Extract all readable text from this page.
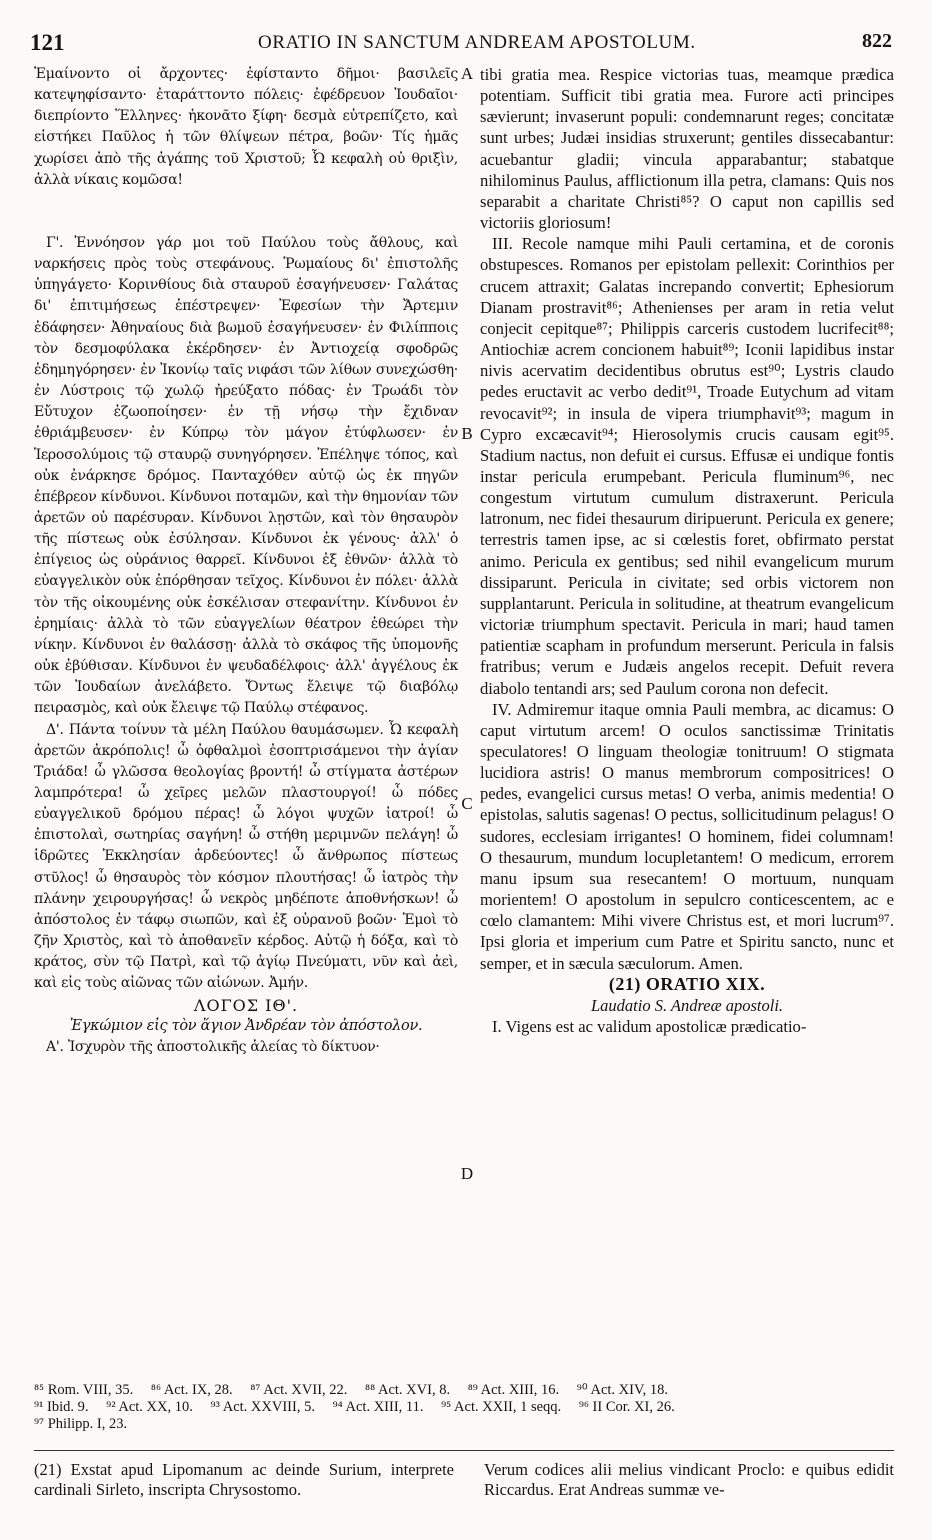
121	ORATIO IN SANCTUM ANDREAM APOSTOLUM.	822

Ἐμαίνοντο οἱ ἄρχοντες· ἐφίσταντο δῆμοι· βασιλεῖς κατεψηφίσαντο· ἐταράττοντο πόλεις· ἐφέδρευον Ἰουδαῖοι· διεπρίοντο Ἕλληνες· ἠκονᾶτο ξίφη· δεσμὰ εὐτρεπίζετο, καὶ εἱστήκει Παῦλος ἡ τῶν θλίψεων πέτρα, βοῶν· Τίς ἡμᾶς χωρίσει ἀπὸ τῆς ἀγάπης τοῦ Χριστοῦ; Ὦ κεφαλὴ οὐ θριξὶν, ἀλλὰ νίκαις κομῶσα!

Γ'. Ἐννόησον γάρ μοι τοῦ Παύλου τοὺς ἄθλους, καὶ ναρκήσεις πρὸς τοὺς στεφάνους. Ῥωμαίους δι' ἐπιστολῆς ὑπηγάγετο· Κορινθίους διὰ σταυροῦ ἐσαγήνευσεν· Γαλάτας δι' ἐπιτιμήσεως ἐπέστρεψεν· Ἐφεσίων τὴν Ἄρτεμιν ἐδάφησεν· Ἀθηναίους διὰ βωμοῦ ἐσαγήνευσεν· ἐν Φιλίπποις τὸν δεσμοφύλακα ἐκέρδησεν· ἐν Ἀντιοχείᾳ σφοδρῶς ἐδημηγόρησεν· ἐν Ἰκονίῳ ταῖς νιφάσι τῶν λίθων συνεχώσθη· ἐν Λύστροις τῷ χωλῷ ἠρεύξατο πόδας· ἐν Τρωάδι τὸν Εὔτυχον ἐζωοποίησεν· ἐν τῇ νήσῳ τὴν ἔχιδναν ἐθριάμβευσεν· ἐν Κύπρῳ τὸν μάγον ἐτύφλωσεν· ἐν Ἱεροσολύμοις τῷ σταυρῷ συνηγόρησεν. Ἐπέληψε τόπος, καὶ οὐκ ἐνάρκησε δρόμος. Πανταχόθεν αὐτῷ ὡς ἐκ πηγῶν ἐπέβρεον κίνδυνοι. Κίνδυνοι ποταμῶν, καὶ τὴν θημονίαν τῶν ἀρετῶν οὐ παρέσυραν. Κίνδυνοι λῃστῶν, καὶ τὸν θησαυρὸν τῆς πίστεως οὐκ ἐσύλησαν. Κίνδυνοι ἐκ γένους· ἀλλ' ὁ ἐπίγειος ὡς οὐράνιος θαρρεῖ. Κίνδυνοι ἐξ ἐθνῶν· ἀλλὰ τὸ εὐαγγελικὸν οὐκ ἐπόρθησαν τεῖχος. Κίνδυνοι ἐν πόλει· ἀλλὰ τὸν τῆς οἰκουμένης οὐκ ἐσκέλισαν στεφανίτην. Κίνδυνοι ἐν ἐρημίαις· ἀλλὰ τὸ τῶν εὐαγγελίων θέατρον ἐθεώρει τὴν νίκην. Κίνδυνοι ἐν θαλάσσῃ· ἀλλὰ τὸ σκάφος τῆς ὑπομονῆς οὐκ ἐβύθισαν. Κίνδυνοι ἐν ψευδαδέλφοις· ἀλλ' ἀγγέλους ἐκ τῶν Ἰουδαίων ἀνελάβετο. Ὄντως ἔλειψε τῷ διαβόλῳ πειρασμὸς, καὶ οὐκ ἔλειψε τῷ Παύλῳ στέφανος.

Δ'. Πάντα τοίνυν τὰ μέλη Παύλου θαυμάσωμεν. Ὦ κεφαλὴ ἀρετῶν ἀκρόπολις! ὦ ὀφθαλμοὶ ἐσοπτρισάμενοι τὴν ἁγίαν Τριάδα! ὦ γλῶσσα θεολογίας βροντή! ὦ στίγματα ἀστέρων λαμπρότερα! ὦ χεῖρες μελῶν πλαστουργοί! ὦ πόδες εὐαγγελικοῦ δρόμου πέρας! ὦ λόγοι ψυχῶν ἰατροί! ὦ ἐπιστολαὶ, σωτηρίας σαγήνη! ὦ στήθη μεριμνῶν πελάγη! ὦ ἱδρῶτες Ἐκκλησίαν ἀρδεύοντες! ὦ ἄνθρωπος πίστεως στῦλος! ὦ θησαυρὸς τὸν κόσμον πλουτήσας! ὦ ἰατρὸς τὴν πλάνην χειρουργήσας! ὦ νεκρὸς μηδέποτε ἀποθνήσκων! ὦ ἀπόστολος ἐν τάφῳ σιωπῶν, καὶ ἐξ οὐρανοῦ βοῶν· Ἐμοὶ τὸ ζῆν Χριστὸς, καὶ τὸ ἀποθανεῖν κέρδος. Αὐτῷ ἡ δόξα, καὶ τὸ κράτος, σὺν τῷ Πατρὶ, καὶ τῷ ἁγίῳ Πνεύματι, νῦν καὶ ἀεὶ, καὶ εἰς τοὺς αἰῶνας τῶν αἰώνων. Ἀμήν.

ΛΟΓΟΣ ΙΘ'.

Ἐγκώμιον εἰς τὸν ἅγιον Ἀνδρέαν τὸν ἀπόστολον.

Α'. Ἰσχυρὸν τῆς ἀποστολικῆς ἁλείας τὸ δίκτυον·

A
B
C
D

tibi gratia mea. Respice victorias tuas, meamque prædica potentiam. Sufficit tibi gratia mea. Furore acti principes sævierunt; invaserunt populi: condemnarunt reges; concitatæ sunt urbes; Judæi insidias struxerunt; gentiles dissecabantur: acuebantur gladii; vincula apparabantur; stabatque nihilominus Paulus, afflictionum illa petra, clamans: Quis nos separabit a charitate Christi⁸⁵? O caput non capillis sed victoriis gloriosum!

III. Recole namque mihi Pauli certamina, et de coronis obstupesces. Romanos per epistolam pellexit: Corinthios per crucem attraxit; Galatas increpando convertit; Ephesiorum Dianam prostravit⁸⁶; Athenienses per aram in retia velut conjecit cepitque⁸⁷; Philippis carceris custodem lucrifecit⁸⁸; Antiochiæ acrem concionem habuit⁸⁹; Iconii lapidibus instar nivis acervatim decidentibus obrutus est⁹⁰; Lystris claudo pedes eructavit ac verbo dedit⁹¹, Troade Eutychum ad vitam revocavit⁹²; in insula de vipera triumphavit⁹³; magum in Cypro excæcavit⁹⁴; Hierosolymis crucis causam egit⁹⁵. Stadium nactus, non defuit ei cursus. Effusæ ei undique fontis instar pericula erumpebant. Pericula fluminum⁹⁶, nec congestum virtutum cumulum distraxerunt. Pericula latronum, nec fidei thesaurum diripuerunt. Pericula ex genere; terrestris tamen ipse, ac si cœlestis foret, obfirmato perstat animo. Pericula ex gentibus; sed nihil evangelicum murum dissiparunt. Pericula in civitate; sed orbis victorem non supplantarunt. Pericula in solitudine, at theatrum evangelicum victoriæ triumphum spectavit. Pericula in mari; haud tamen patientiæ scapham in profundum merserunt. Pericula in falsis fratribus; verum e Judæis angelos recepit. Defuit revera diabolo tentandi ars; sed Paulum corona non defecit.

IV. Admiremur itaque omnia Pauli membra, ac dicamus: O caput virtutum arcem! O oculos sanctissimæ Trinitatis speculatores! O linguam theologiæ tonitruum! O stigmata lucidiora astris! O manus membrorum compositrices! O pedes, evangelici cursus metas! O verba, animis medentia! O epistolas, salutis sagenas! O pectus, sollicitudinum pelagus! O sudores, ecclesiam irrigantes! O hominem, fidei columnam! O thesaurum, mundum locupletantem! O medicum, errorem manu ipsum sua resecantem! O mortuum, nunquam morientem! O apostolum in sepulcro conticescentem, ac e cœlo clamantem: Mihi vivere Christus est, et mori lucrum⁹⁷. Ipsi gloria et imperium cum Patre et Spiritu sancto, nunc et semper, et in sæcula sæculorum. Amen.

(21) ORATIO XIX.

Laudatio S. Andreæ apostoli.

I. Vigens est ac validum apostolicæ prædicatio-

⁸⁵ Rom. VIII, 35. ⁸⁶ Act. IX, 28. ⁸⁷ Act. XVII, 22. ⁸⁸ Act. XVI, 8. ⁸⁹ Act. XIII, 16. ⁹⁰ Act. XIV, 18.
⁹¹ Ibid. 9. ⁹² Act. XX, 10. ⁹³ Act. XXVIII, 5. ⁹⁴ Act. XIII, 11. ⁹⁵ Act. XXII, 1 seqq. ⁹⁶ II Cor. XI, 26.
⁹⁷ Philipp. I, 23.

(21) Exstat apud Lipomanum ac deinde Surium, interprete cardinali Sirleto, inscripta Chrysostomo.

Verum codices alii melius vindicant Proclo: e quibus edidit Riccardus. Erat Andreas summæ ve-
